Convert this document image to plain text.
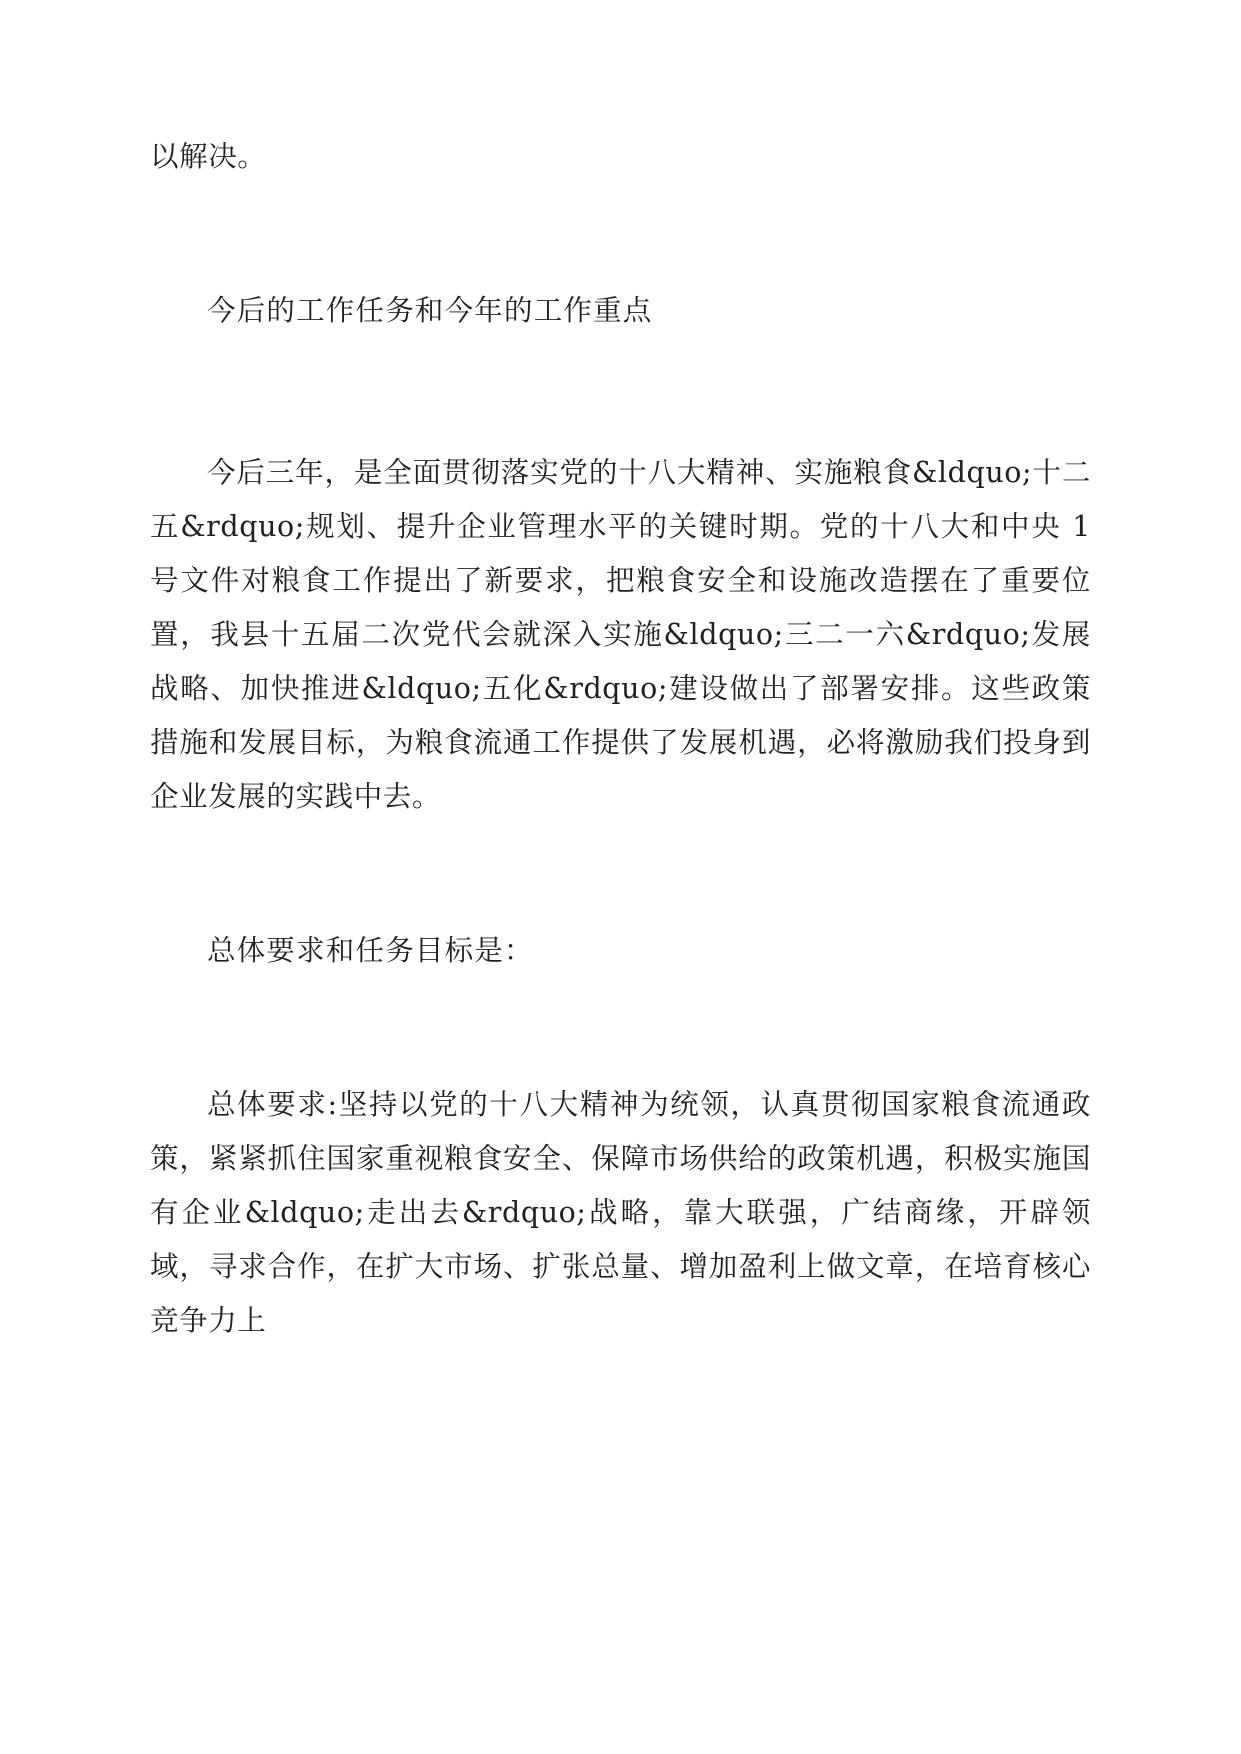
以解决。

今后的工作任务和今年的工作重点

今后三年，是全面贯彻落实党的十八大精神、实施粮食&ldquo;十二五&rdquo;规划、提升企业管理水平的关键时期。党的十八大和中央 1 号文件对粮食工作提出了新要求，把粮食安全和设施改造摆在了重要位置，我县十五届二次党代会就深入实施&ldquo;三二一六&rdquo;发展战略、加快推进&ldquo;五化&rdquo;建设做出了部署安排。这些政策措施和发展目标，为粮食流通工作提供了发展机遇，必将激励我们投身到企业发展的实践中去。

总体要求和任务目标是：

总体要求:坚持以党的十八大精神为统领，认真贯彻国家粮食流通政策，紧紧抓住国家重视粮食安全、保障市场供给的政策机遇，积极实施国有企业&ldquo;走出去&rdquo;战略，靠大联强，广结商缘，开辟领域，寻求合作，在扩大市场、扩张总量、增加盈利上做文章，在培育核心竞争力上
